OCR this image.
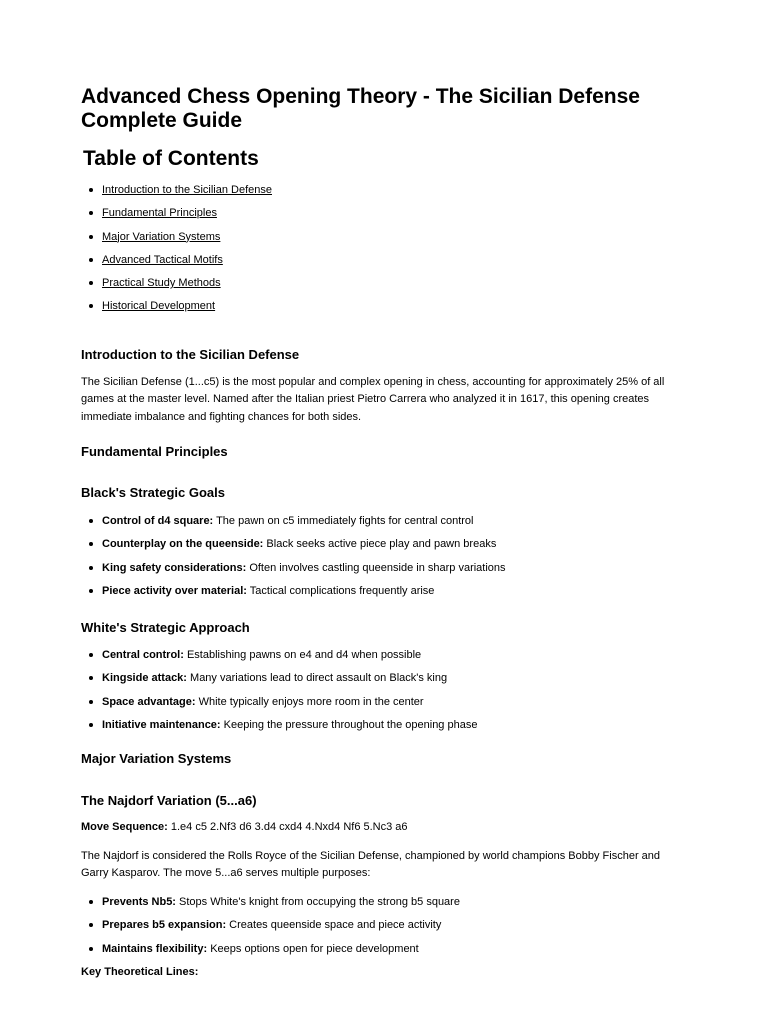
Advanced Chess Opening Theory - The Sicilian Defense Complete Guide
Table of Contents
Introduction to the Sicilian Defense
Fundamental Principles
Major Variation Systems
Advanced Tactical Motifs
Practical Study Methods
Historical Development
Introduction to the Sicilian Defense

The Sicilian Defense (1...c5) is the most popular and complex opening in chess, accounting for approximately 25% of all games at the master level. Named after the Italian priest Pietro Carrera who analyzed it in 1617, this opening creates immediate imbalance and fighting chances for both sides.

Fundamental Principles
Black's Strategic Goals
Control of d4 square: The pawn on c5 immediately fights for central control
Counterplay on the queenside: Black seeks active piece play and pawn breaks
King safety considerations: Often involves castling queenside in sharp variations
Piece activity over material: Tactical complications frequently arise
White's Strategic Approach
Central control: Establishing pawns on e4 and d4 when possible
Kingside attack: Many variations lead to direct assault on Black's king
Space advantage: White typically enjoys more room in the center
Initiative maintenance: Keeping the pressure throughout the opening phase
Major Variation Systems
The Najdorf Variation (5...a6)

Move Sequence: 1.e4 c5 2.Nf3 d6 3.d4 cxd4 4.Nxd4 Nf6 5.Nc3 a6

The Najdorf is considered the Rolls Royce of the Sicilian Defense, championed by world champions Bobby Fischer and Garry Kasparov. The move 5...a6 serves multiple purposes:

Prevents Nb5: Stops White's knight from occupying the strong b5 square
Prepares b5 expansion: Creates queenside space and piece activity
Maintains flexibility: Keeps options open for piece development

Key Theoretical Lines:
